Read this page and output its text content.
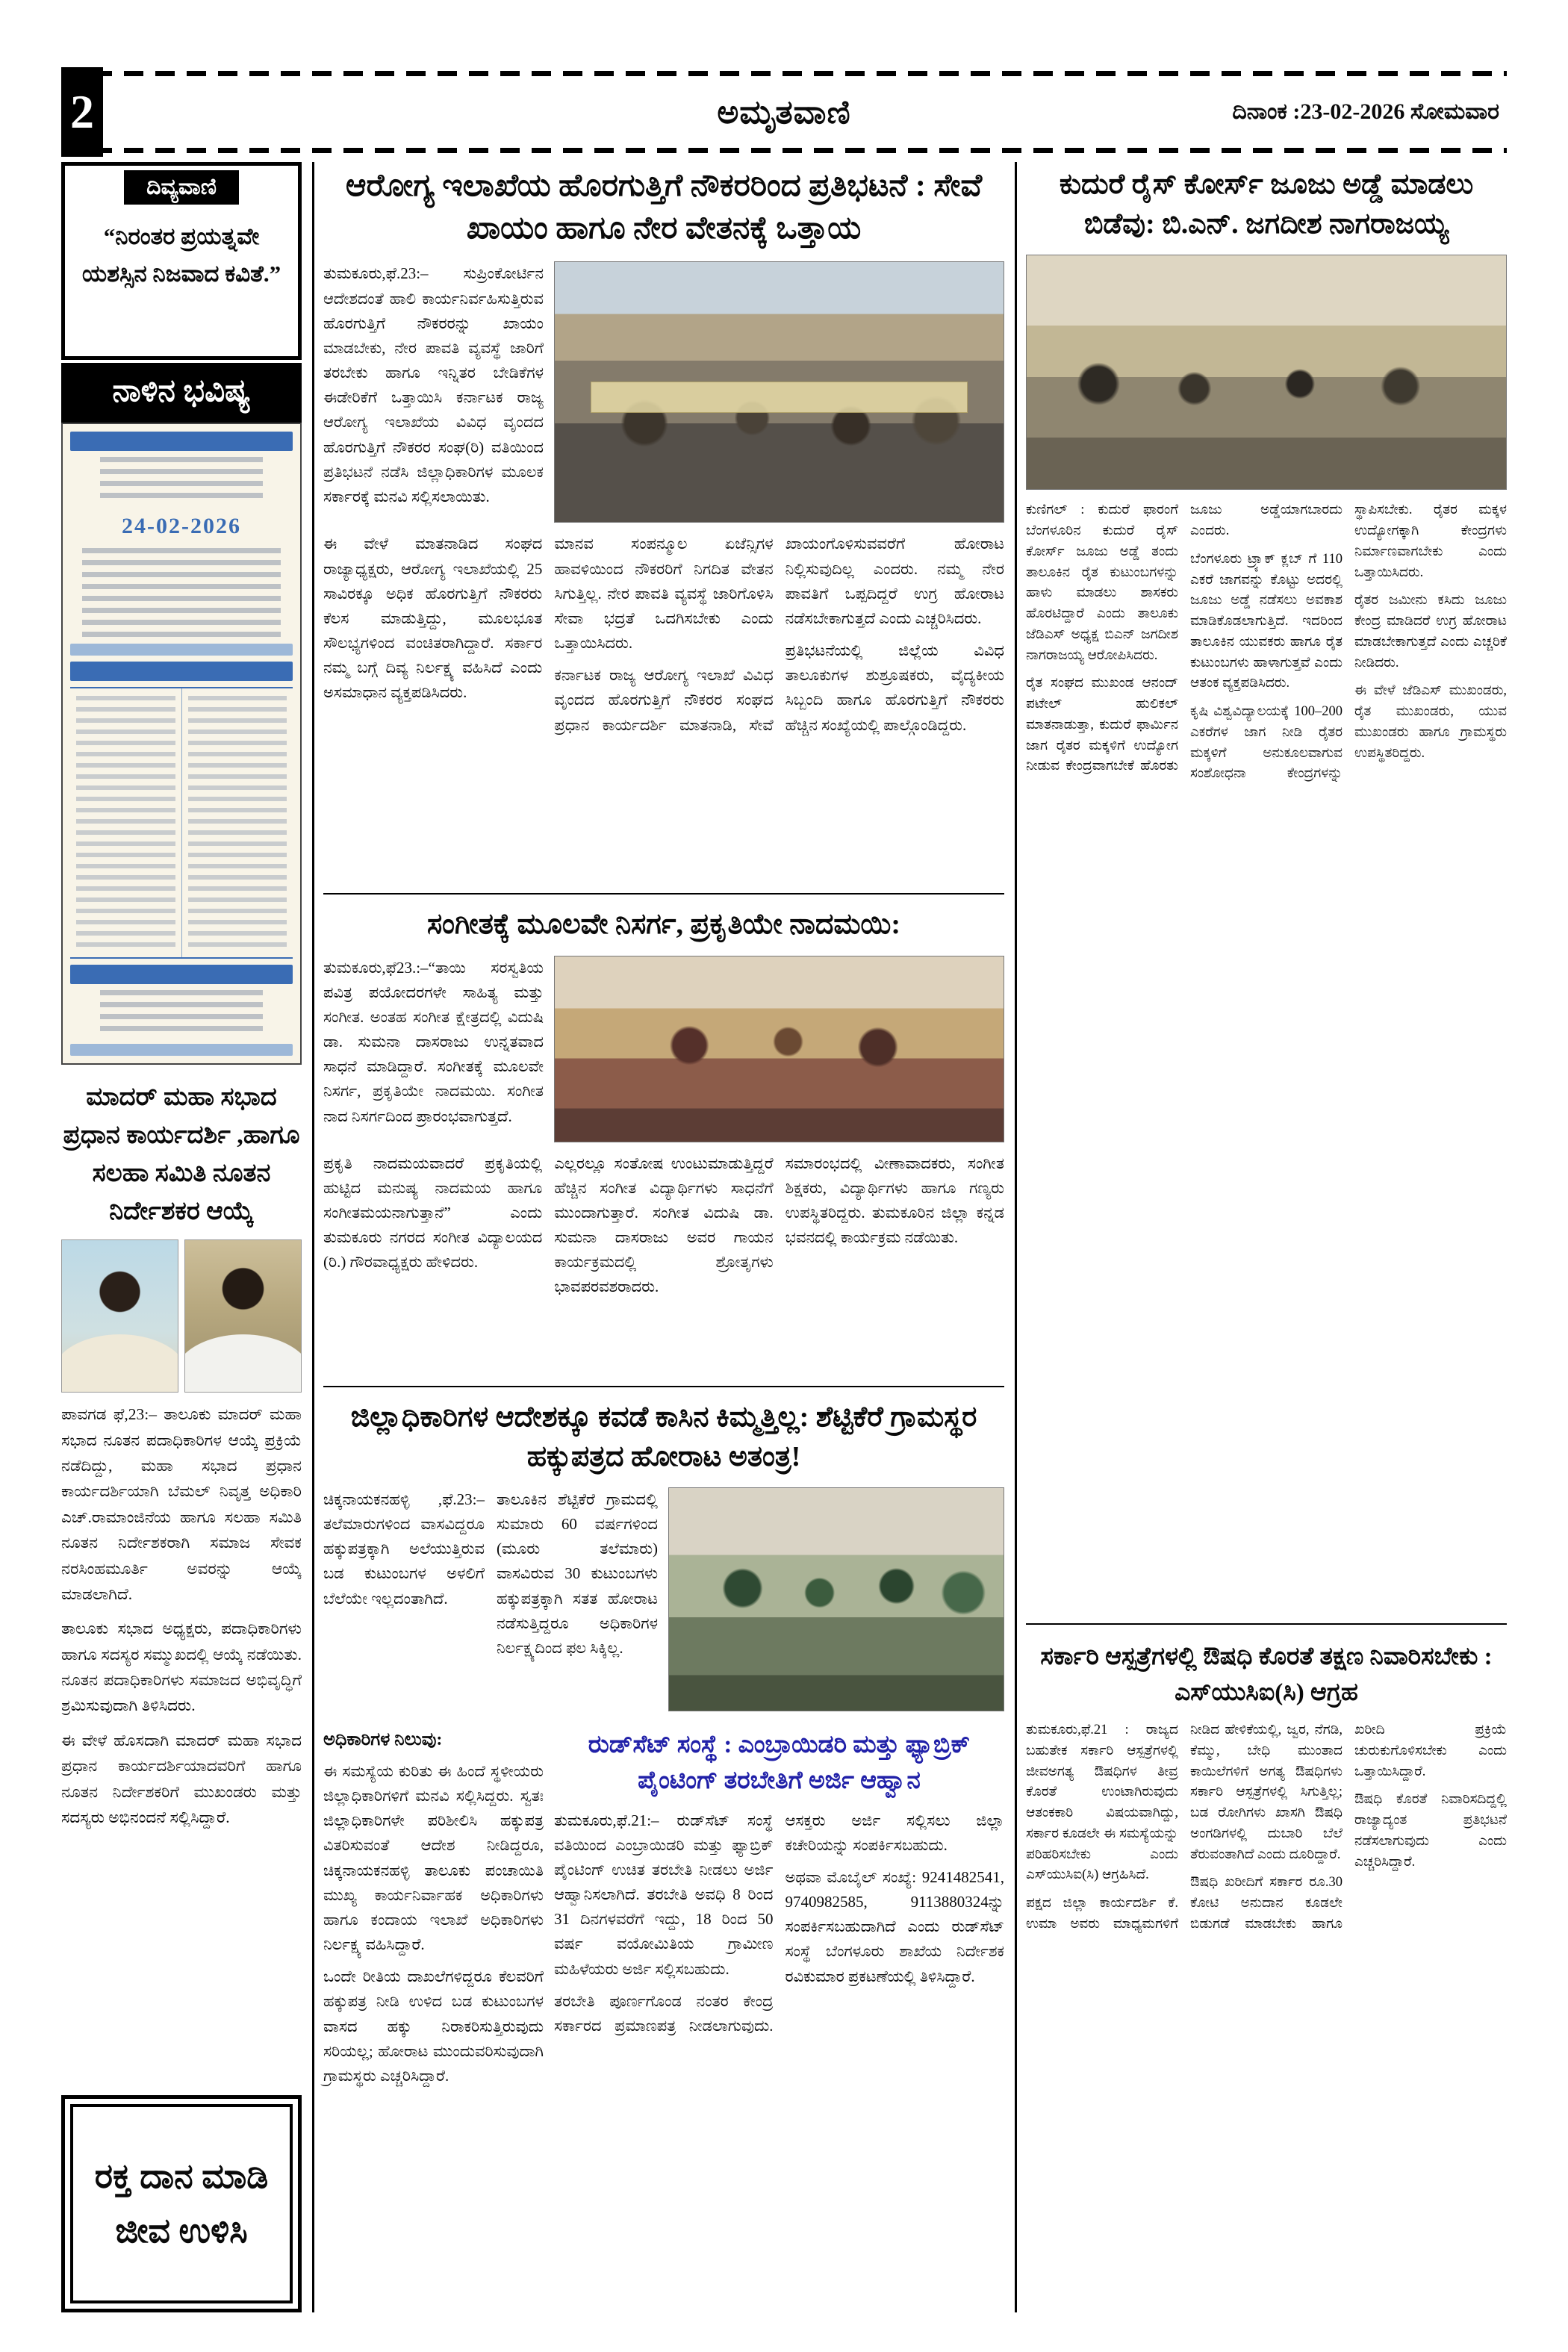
2	ಅಮೃತವಾಣಿ	ದಿನಾಂಕ :23-02-2026 ಸೋಮವಾರ
ದಿವ್ಯವಾಣಿ
“ನಿರಂತರ ಪ್ರಯತ್ನವೇ ಯಶಸ್ಸಿನ ನಿಜವಾದ ಕವಿತೆ.”
ನಾಳಿನ ಭವಿಷ್ಯ
24-02-2026
ಮಾದರ್ ಮಹಾ ಸಭಾದ ಪ್ರಧಾನ ಕಾರ್ಯದರ್ಶಿ ,ಹಾಗೂ ಸಲಹಾ ಸಮಿತಿ ನೂತನ ನಿರ್ದೇಶಕರ ಆಯ್ಕೆ

ಪಾವಗಡ ಫೆ,23:– ತಾಲೂಕು ಮಾದರ್ ಮಹಾ ಸಭಾದ ನೂತನ ಪದಾಧಿಕಾರಿಗಳ ಆಯ್ಕೆ ಪ್ರಕ್ರಿಯೆ ನಡೆದಿದ್ದು, ಮಹಾ ಸಭಾದ ಪ್ರಧಾನ ಕಾರ್ಯದರ್ಶಿಯಾಗಿ ಬೆಮಲ್ ನಿವೃತ್ತ ಅಧಿಕಾರಿ ಎಚ್.ರಾಮಾಂಜಿನೆಯ ಹಾಗೂ ಸಲಹಾ ಸಮಿತಿ ನೂತನ ನಿರ್ದೇಶಕರಾಗಿ ಸಮಾಜ ಸೇವಕ ನರಸಿಂಹಮೂರ್ತಿ ಅವರನ್ನು ಆಯ್ಕೆ ಮಾಡಲಾಗಿದೆ.

ತಾಲೂಕು ಸಭಾದ ಅಧ್ಯಕ್ಷರು, ಪದಾಧಿಕಾರಿಗಳು ಹಾಗೂ ಸದಸ್ಯರ ಸಮ್ಮುಖದಲ್ಲಿ ಆಯ್ಕೆ ನಡೆಯಿತು. ನೂತನ ಪದಾಧಿಕಾರಿಗಳು ಸಮಾಜದ ಅಭಿವೃದ್ಧಿಗೆ ಶ್ರಮಿಸುವುದಾಗಿ ತಿಳಿಸಿದರು.

ಈ ವೇಳೆ ಹೊಸದಾಗಿ ಮಾದರ್ ಮಹಾ ಸಭಾದ ಪ್ರಧಾನ ಕಾರ್ಯದರ್ಶಿಯಾದವರಿಗೆ ಹಾಗೂ ನೂತನ ನಿರ್ದೇಶಕರಿಗೆ ಮುಖಂಡರು ಮತ್ತು ಸದಸ್ಯರು ಅಭಿನಂದನೆ ಸಲ್ಲಿಸಿದ್ದಾರೆ.

ರಕ್ತ ದಾನ ಮಾಡಿ
ಜೀವ ಉಳಿಸಿ
ಆರೋಗ್ಯ ಇಲಾಖೆಯ ಹೊರಗುತ್ತಿಗೆ ನೌಕರರಿಂದ ಪ್ರತಿಭಟನೆ : ಸೇವೆ ಖಾಯಂ ಹಾಗೂ ನೇರ ವೇತನಕ್ಕೆ ಒತ್ತಾಯ

ತುಮಕೂರು,ಫೆ.23:– ಸುಪ್ರಿಂಕೋರ್ಟಿನ ಆದೇಶದಂತೆ ಹಾಲಿ ಕಾರ್ಯನಿರ್ವಹಿಸುತ್ತಿರುವ ಹೊರಗುತ್ತಿಗೆ ನೌಕರರನ್ನು ಖಾಯಂ ಮಾಡಬೇಕು, ನೇರ ಪಾವತಿ ವ್ಯವಸ್ಥೆ ಜಾರಿಗೆ ತರಬೇಕು ಹಾಗೂ ಇನ್ನಿತರ ಬೇಡಿಕೆಗಳ ಈಡೇರಿಕೆಗೆ ಒತ್ತಾಯಿಸಿ ಕರ್ನಾಟಕ ರಾಜ್ಯ ಆರೋಗ್ಯ ಇಲಾಖೆಯ ವಿವಿಧ ವೃಂದದ ಹೊರಗುತ್ತಿಗೆ ನೌಕರರ ಸಂಘ(ರಿ) ವತಿಯಿಂದ ಪ್ರತಿಭಟನೆ ನಡೆಸಿ ಜಿಲ್ಲಾಧಿಕಾರಿಗಳ ಮೂಲಕ ಸರ್ಕಾರಕ್ಕೆ ಮನವಿ ಸಲ್ಲಿಸಲಾಯಿತು.

ಈ ವೇಳೆ ಮಾತನಾಡಿದ ಸಂಘದ ರಾಜ್ಯಾಧ್ಯಕ್ಷರು, ಆರೋಗ್ಯ ಇಲಾಖೆಯಲ್ಲಿ 25 ಸಾವಿರಕ್ಕೂ ಅಧಿಕ ಹೊರಗುತ್ತಿಗೆ ನೌಕರರು ಕೆಲಸ ಮಾಡುತ್ತಿದ್ದು, ಮೂಲಭೂತ ಸೌಲಭ್ಯಗಳಿಂದ ವಂಚಿತರಾಗಿದ್ದಾರೆ. ಸರ್ಕಾರ ನಮ್ಮ ಬಗ್ಗೆ ದಿವ್ಯ ನಿರ್ಲಕ್ಷ್ಯ ವಹಿಸಿದೆ ಎಂದು ಅಸಮಾಧಾನ ವ್ಯಕ್ತಪಡಿಸಿದರು.

ಮಾನವ ಸಂಪನ್ಮೂಲ ಏಜೆನ್ಸಿಗಳ ಹಾವಳಿಯಿಂದ ನೌಕರರಿಗೆ ನಿಗದಿತ ವೇತನ ಸಿಗುತ್ತಿಲ್ಲ. ನೇರ ಪಾವತಿ ವ್ಯವಸ್ಥೆ ಜಾರಿಗೊಳಿಸಿ ಸೇವಾ ಭದ್ರತೆ ಒದಗಿಸಬೇಕು ಎಂದು ಒತ್ತಾಯಿಸಿದರು.

ಕರ್ನಾಟಕ ರಾಜ್ಯ ಆರೋಗ್ಯ ಇಲಾಖೆ ವಿವಿಧ ವೃಂದದ ಹೊರಗುತ್ತಿಗೆ ನೌಕರರ ಸಂಘದ ಪ್ರಧಾನ ಕಾರ್ಯದರ್ಶಿ ಮಾತನಾಡಿ, ಸೇವೆ ಖಾಯಂಗೊಳಿಸುವವರೆಗೆ ಹೋರಾಟ ನಿಲ್ಲಿಸುವುದಿಲ್ಲ ಎಂದರು. ನಮ್ಮ ನೇರ ಪಾವತಿಗೆ ಒಪ್ಪದಿದ್ದರೆ ಉಗ್ರ ಹೋರಾಟ ನಡೆಸಬೇಕಾಗುತ್ತದೆ ಎಂದು ಎಚ್ಚರಿಸಿದರು.

ಪ್ರತಿಭಟನೆಯಲ್ಲಿ ಜಿಲ್ಲೆಯ ವಿವಿಧ ತಾಲೂಕುಗಳ ಶುಶ್ರೂಷಕರು, ವೈದ್ಯಕೀಯ ಸಿಬ್ಬಂದಿ ಹಾಗೂ ಹೊರಗುತ್ತಿಗೆ ನೌಕರರು ಹೆಚ್ಚಿನ ಸಂಖ್ಯೆಯಲ್ಲಿ ಪಾಲ್ಗೊಂಡಿದ್ದರು.

ಸಂಗೀತಕ್ಕೆ ಮೂಲವೇ ನಿಸರ್ಗ, ಪ್ರಕೃತಿಯೇ ನಾದಮಯಿ:

ತುಮಕೂರು,ಫೆ23.:–“ತಾಯಿ ಸರಸ್ವತಿಯ ಪವಿತ್ರ ಪಯೋದರಗಳೇ ಸಾಹಿತ್ಯ ಮತ್ತು ಸಂಗೀತ. ಅಂತಹ ಸಂಗೀತ ಕ್ಷೇತ್ರದಲ್ಲಿ ವಿದುಷಿ ಡಾ. ಸುಮನಾ ದಾಸರಾಜು ಉನ್ನತವಾದ ಸಾಧನೆ ಮಾಡಿದ್ದಾರೆ. ಸಂಗೀತಕ್ಕೆ ಮೂಲವೇ ನಿಸರ್ಗ, ಪ್ರಕೃತಿಯೇ ನಾದಮಯಿ. ಸಂಗೀತ ನಾದ ನಿಸರ್ಗದಿಂದ ಪ್ರಾರಂಭವಾಗುತ್ತದೆ.

ಪ್ರಕೃತಿ ನಾದಮಯವಾದರೆ ಪ್ರಕೃತಿಯಲ್ಲಿ ಹುಟ್ಟಿದ ಮನುಷ್ಯ ನಾದಮಯ ಹಾಗೂ ಸಂಗೀತಮಯನಾಗುತ್ತಾನೆ” ಎಂದು ತುಮಕೂರು ನಗರದ ಸಂಗೀತ ವಿದ್ಯಾಲಯದ (ರಿ.) ಗೌರವಾಧ್ಯಕ್ಷರು ಹೇಳಿದರು.

ಎಲ್ಲರಲ್ಲೂ ಸಂತೋಷ ಉಂಟುಮಾಡುತ್ತಿದ್ದರೆ ಹೆಚ್ಚಿನ ಸಂಗೀತ ವಿದ್ಯಾರ್ಥಿಗಳು ಸಾಧನೆಗೆ ಮುಂದಾಗುತ್ತಾರೆ. ಸಂಗೀತ ವಿದುಷಿ ಡಾ. ಸುಮನಾ ದಾಸರಾಜು ಅವರ ಗಾಯನ ಕಾರ್ಯಕ್ರಮದಲ್ಲಿ ಶ್ರೋತೃಗಳು ಭಾವಪರವಶರಾದರು.

ಸಮಾರಂಭದಲ್ಲಿ ವೀಣಾವಾದಕರು, ಸಂಗೀತ ಶಿಕ್ಷಕರು, ವಿದ್ಯಾರ್ಥಿಗಳು ಹಾಗೂ ಗಣ್ಯರು ಉಪಸ್ಥಿತರಿದ್ದರು. ತುಮಕೂರಿನ ಜಿಲ್ಲಾ ಕನ್ನಡ ಭವನದಲ್ಲಿ ಕಾರ್ಯಕ್ರಮ ನಡೆಯಿತು.

ಜಿಲ್ಲಾಧಿಕಾರಿಗಳ ಆದೇಶಕ್ಕೂ ಕವಡೆ ಕಾಸಿನ ಕಿಮ್ಮತ್ತಿಲ್ಲ: ಶೆಟ್ಟಿಕೆರೆ ಗ್ರಾಮಸ್ಥರ ಹಕ್ಕುಪತ್ರದ ಹೋರಾಟ ಅತಂತ್ರ!

ಚಿಕ್ಕನಾಯಕನಹಳ್ಳಿ ,ಫೆ.23:– ತಲೆಮಾರುಗಳಿಂದ ವಾಸವಿದ್ದರೂ ಹಕ್ಕುಪತ್ರಕ್ಕಾಗಿ ಅಲೆಯುತ್ತಿರುವ ಬಡ ಕುಟುಂಬಗಳ ಅಳಲಿಗೆ ಬೆಲೆಯೇ ಇಲ್ಲದಂತಾಗಿದೆ.

ತಾಲೂಕಿನ ಶೆಟ್ಟಿಕೆರೆ ಗ್ರಾಮದಲ್ಲಿ ಸುಮಾರು 60 ವರ್ಷಗಳಿಂದ (ಮೂರು ತಲೆಮಾರು) ವಾಸವಿರುವ 30 ಕುಟುಂಬಗಳು ಹಕ್ಕುಪತ್ರಕ್ಕಾಗಿ ಸತತ ಹೋರಾಟ ನಡೆಸುತ್ತಿದ್ದರೂ ಅಧಿಕಾರಿಗಳ ನಿರ್ಲಕ್ಷ್ಯದಿಂದ ಫಲ ಸಿಕ್ಕಿಲ್ಲ.

ಅಧಿಕಾರಿಗಳ ನಿಲುವು:

ಈ ಸಮಸ್ಯೆಯ ಕುರಿತು ಈ ಹಿಂದೆ ಸ್ಥಳೀಯರು ಜಿಲ್ಲಾಧಿಕಾರಿಗಳಿಗೆ ಮನವಿ ಸಲ್ಲಿಸಿದ್ದರು. ಸ್ವತಃ ಜಿಲ್ಲಾಧಿಕಾರಿಗಳೇ ಪರಿಶೀಲಿಸಿ ಹಕ್ಕುಪತ್ರ ವಿತರಿಸುವಂತೆ ಆದೇಶ ನೀಡಿದ್ದರೂ, ಚಿಕ್ಕನಾಯಕನಹಳ್ಳಿ ತಾಲೂಕು ಪಂಚಾಯಿತಿ ಮುಖ್ಯ ಕಾರ್ಯನಿರ್ವಾಹಕ ಅಧಿಕಾರಿಗಳು ಹಾಗೂ ಕಂದಾಯ ಇಲಾಖೆ ಅಧಿಕಾರಿಗಳು ನಿರ್ಲಕ್ಷ್ಯ ವಹಿಸಿದ್ದಾರೆ.

ಒಂದೇ ರೀತಿಯ ದಾಖಲೆಗಳಿದ್ದರೂ ಕೆಲವರಿಗೆ ಹಕ್ಕುಪತ್ರ ನೀಡಿ ಉಳಿದ ಬಡ ಕುಟುಂಬಗಳ ವಾಸದ ಹಕ್ಕು ನಿರಾಕರಿಸುತ್ತಿರುವುದು ಸರಿಯಲ್ಲ; ಹೋರಾಟ ಮುಂದುವರಿಸುವುದಾಗಿ ಗ್ರಾಮಸ್ಥರು ಎಚ್ಚರಿಸಿದ್ದಾರೆ.

ರುಡ್‌ಸೆಟ್ ಸಂಸ್ಥೆ : ಎಂಬ್ರಾಯಿಡರಿ ಮತ್ತು ಫ್ಯಾಬ್ರಿಕ್ ಪೈಂಟಿಂಗ್ ತರಬೇತಿಗೆ ಅರ್ಜಿ ಆಹ್ವಾನ

ತುಮಕೂರು,ಫೆ.21:– ರುಡ್‌ಸೆಟ್ ಸಂಸ್ಥೆ ವತಿಯಿಂದ ಎಂಬ್ರಾಯಿಡರಿ ಮತ್ತು ಫ್ಯಾಬ್ರಿಕ್ ಪೈಂಟಿಂಗ್ ಉಚಿತ ತರಬೇತಿ ನೀಡಲು ಅರ್ಜಿ ಆಹ್ವಾನಿಸಲಾಗಿದೆ. ತರಬೇತಿ ಅವಧಿ 8 ರಿಂದ 31 ದಿನಗಳವರೆಗೆ ಇದ್ದು, 18 ರಿಂದ 50 ವರ್ಷ ವಯೋಮಿತಿಯ ಗ್ರಾಮೀಣ ಮಹಿಳೆಯರು ಅರ್ಜಿ ಸಲ್ಲಿಸಬಹುದು.

ತರಬೇತಿ ಪೂರ್ಣಗೊಂಡ ನಂತರ ಕೇಂದ್ರ ಸರ್ಕಾರದ ಪ್ರಮಾಣಪತ್ರ ನೀಡಲಾಗುವುದು. ಆಸಕ್ತರು ಅರ್ಜಿ ಸಲ್ಲಿಸಲು ಜಿಲ್ಲಾ ಕಚೇರಿಯನ್ನು ಸಂಪರ್ಕಿಸಬಹುದು.

ಅಥವಾ ಮೊಬೈಲ್ ಸಂಖ್ಯೆ: 9241482541, 9740982585, 9113880324ನ್ನು ಸಂಪರ್ಕಿಸಬಹುದಾಗಿದೆ ಎಂದು ರುಡ್‌ಸೆಟ್ ಸಂಸ್ಥೆ ಬೆಂಗಳೂರು ಶಾಖೆಯ ನಿರ್ದೇಶಕ ರವಿಕುಮಾರ ಪ್ರಕಟಣೆಯಲ್ಲಿ ತಿಳಿಸಿದ್ದಾರೆ.

ಕುದುರೆ ರೈಸ್ ಕೋರ್ಸ್ ಜೂಜು ಅಡ್ಡೆ ಮಾಡಲು ಬಿಡೆವು: ಬಿ.ಎನ್. ಜಗದೀಶ ನಾಗರಾಜಯ್ಯ

ಕುಣಿಗಲ್ : ಕುದುರೆ ಫಾರಂಗೆ ಬೆಂಗಳೂರಿನ ಕುದುರೆ ರೈಸ್ ಕೋರ್ಸ್ ಜೂಜು ಅಡ್ಡೆ ತಂದು ತಾಲೂಕಿನ ರೈತ ಕುಟುಂಬಗಳನ್ನು ಹಾಳು ಮಾಡಲು ಶಾಸಕರು ಹೊರಟಿದ್ದಾರೆ ಎಂದು ತಾಲೂಕು ಜೆಡಿಎಸ್ ಅಧ್ಯಕ್ಷ ಬಿಎನ್ ಜಗದೀಶ ನಾಗರಾಜಯ್ಯ ಆರೋಪಿಸಿದರು.

ರೈತ ಸಂಘದ ಮುಖಂಡ ಆನಂದ್ ಪಟೇಲ್ ಹುಲಿಕಲ್ ಮಾತನಾಡುತ್ತಾ, ಕುದುರೆ ಫಾರ್ಮಿನ ಜಾಗ ರೈತರ ಮಕ್ಕಳಿಗೆ ಉದ್ಯೋಗ ನೀಡುವ ಕೇಂದ್ರವಾಗಬೇಕೆ ಹೊರತು ಜೂಜು ಅಡ್ಡೆಯಾಗಬಾರದು ಎಂದರು.

ಬೆಂಗಳೂರು ಟ್ರ್ಯಾಕ್ ಕ್ಲಬ್ ಗೆ 110 ಎಕರೆ ಜಾಗವನ್ನು ಕೊಟ್ಟು ಅದರಲ್ಲಿ ಜೂಜು ಅಡ್ಡೆ ನಡೆಸಲು ಅವಕಾಶ ಮಾಡಿಕೊಡಲಾಗುತ್ತಿದೆ. ಇದರಿಂದ ತಾಲೂಕಿನ ಯುವಕರು ಹಾಗೂ ರೈತ ಕುಟುಂಬಗಳು ಹಾಳಾಗುತ್ತವೆ ಎಂದು ಆತಂಕ ವ್ಯಕ್ತಪಡಿಸಿದರು.

ಕೃಷಿ ವಿಶ್ವವಿದ್ಯಾಲಯಕ್ಕೆ 100–200 ಎಕರೆಗಳ ಜಾಗ ನೀಡಿ ರೈತರ ಮಕ್ಕಳಿಗೆ ಅನುಕೂಲವಾಗುವ ಸಂಶೋಧನಾ ಕೇಂದ್ರಗಳನ್ನು ಸ್ಥಾಪಿಸಬೇಕು. ರೈತರ ಮಕ್ಕಳ ಉದ್ಯೋಗಕ್ಕಾಗಿ ಕೇಂದ್ರಗಳು ನಿರ್ಮಾಣವಾಗಬೇಕು ಎಂದು ಒತ್ತಾಯಿಸಿದರು.

ರೈತರ ಜಮೀನು ಕಸಿದು ಜೂಜು ಕೇಂದ್ರ ಮಾಡಿದರೆ ಉಗ್ರ ಹೋರಾಟ ಮಾಡಬೇಕಾಗುತ್ತದೆ ಎಂದು ಎಚ್ಚರಿಕೆ ನೀಡಿದರು.

ಈ ವೇಳೆ ಜೆಡಿಎಸ್ ಮುಖಂಡರು, ರೈತ ಮುಖಂಡರು, ಯುವ ಮುಖಂಡರು ಹಾಗೂ ಗ್ರಾಮಸ್ಥರು ಉಪಸ್ಥಿತರಿದ್ದರು.

ಸರ್ಕಾರಿ ಆಸ್ಪತ್ರೆಗಳಲ್ಲಿ ಔಷಧಿ ಕೊರತೆ ತಕ್ಷಣ ನಿವಾರಿಸಬೇಕು : ಎಸ್‌ಯುಸಿಐ(ಸಿ) ಆಗ್ರಹ

ತುಮಕೂರು,ಫೆ.21 : ರಾಜ್ಯದ ಬಹುತೇಕ ಸರ್ಕಾರಿ ಆಸ್ಪತ್ರೆಗಳಲ್ಲಿ ಜೀವಅಗತ್ಯ ಔಷಧಿಗಳ ತೀವ್ರ ಕೊರತೆ ಉಂಟಾಗಿರುವುದು ಆತಂಕಕಾರಿ ವಿಷಯವಾಗಿದ್ದು, ಸರ್ಕಾರ ಕೂಡಲೇ ಈ ಸಮಸ್ಯೆಯನ್ನು ಪರಿಹರಿಸಬೇಕು ಎಂದು ಎಸ್‌ಯುಸಿಐ(ಸಿ) ಆಗ್ರಹಿಸಿದೆ.

ಪಕ್ಷದ ಜಿಲ್ಲಾ ಕಾರ್ಯದರ್ಶಿ ಕೆ. ಉಮಾ ಅವರು ಮಾಧ್ಯಮಗಳಿಗೆ ನೀಡಿದ ಹೇಳಿಕೆಯಲ್ಲಿ, ಜ್ವರ, ನೆಗಡಿ, ಕೆಮ್ಮು, ಬೇಧಿ ಮುಂತಾದ ಕಾಯಿಲೆಗಳಿಗೆ ಅಗತ್ಯ ಔಷಧಿಗಳು ಸರ್ಕಾರಿ ಆಸ್ಪತ್ರೆಗಳಲ್ಲಿ ಸಿಗುತ್ತಿಲ್ಲ; ಬಡ ರೋಗಿಗಳು ಖಾಸಗಿ ಔಷಧಿ ಅಂಗಡಿಗಳಲ್ಲಿ ದುಬಾರಿ ಬೆಲೆ ತೆರುವಂತಾಗಿದೆ ಎಂದು ದೂರಿದ್ದಾರೆ.

ಔಷಧಿ ಖರೀದಿಗೆ ಸರ್ಕಾರ ರೂ.30 ಕೋಟಿ ಅನುದಾನ ಕೂಡಲೇ ಬಿಡುಗಡೆ ಮಾಡಬೇಕು ಹಾಗೂ ಖರೀದಿ ಪ್ರಕ್ರಿಯೆ ಚುರುಕುಗೊಳಿಸಬೇಕು ಎಂದು ಒತ್ತಾಯಿಸಿದ್ದಾರೆ.

ಔಷಧಿ ಕೊರತೆ ನಿವಾರಿಸದಿದ್ದಲ್ಲಿ ರಾಜ್ಯಾದ್ಯಂತ ಪ್ರತಿಭಟನೆ ನಡೆಸಲಾಗುವುದು ಎಂದು ಎಚ್ಚರಿಸಿದ್ದಾರೆ.
